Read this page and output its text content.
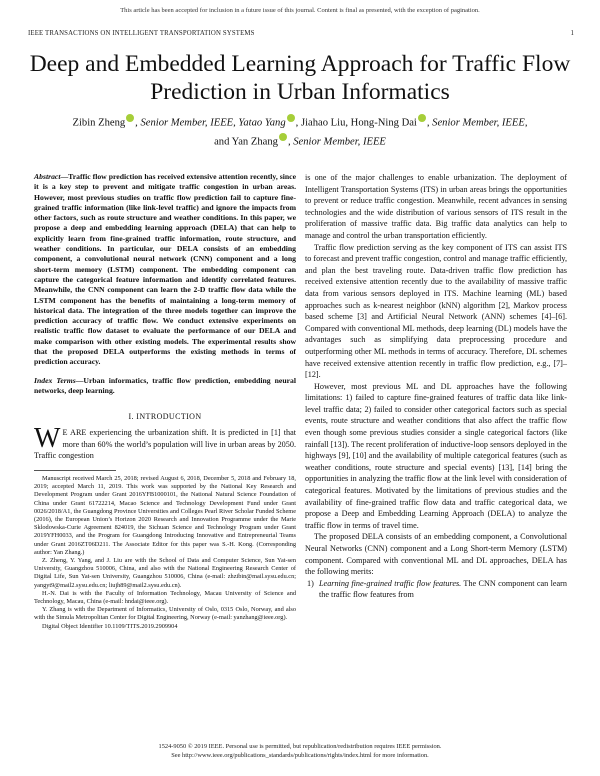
This article has been accepted for inclusion in a future issue of this journal. Content is final as presented, with the exception of pagination.
IEEE TRANSACTIONS ON INTELLIGENT TRANSPORTATION SYSTEMS	1
Deep and Embedded Learning Approach for Traffic Flow Prediction in Urban Informatics
Zibin Zheng , Senior Member, IEEE, Yatao Yang , Jiahao Liu, Hong-Ning Dai , Senior Member, IEEE,
and Yan Zhang , Senior Member, IEEE
Abstract—Traffic flow prediction has received extensive attention recently, since it is a key step to prevent and mitigate traffic congestion in urban areas. However, most previous studies on traffic flow prediction fail to capture fine-grained traffic information (like link-level traffic) and ignore the impacts from other factors, such as route structure and weather conditions. In this paper, we propose a deep and embedding learning approach (DELA) that can help to explicitly learn from fine-grained traffic information, route structure, and weather conditions. In particular, our DELA consists of an embedding component, a convolutional neural network (CNN) component and a long short-term memory (LSTM) component. The embedding component can capture the categorical feature information and identify correlated features. Meanwhile, the CNN component can learn the 2-D traffic flow data while the LSTM component has the benefits of maintaining a long-term memory of historical data. The integration of the three models together can improve the prediction accuracy of traffic flow. We conduct extensive experiments on realistic traffic flow dataset to evaluate the performance of our DELA and make comparison with other existing models. The experimental results show that the proposed DELA outperforms the existing methods in terms of prediction accuracy.
Index Terms—Urban informatics, traffic flow prediction, embedding neural networks, deep learning.
I. INTRODUCTION

W E ARE experiencing the urbanization shift. It is predicted in [1] that more than 60% the world’s population will live in urban areas by 2050. Traffic congestion

Manuscript received March 25, 2018; revised August 6, 2018, December 5, 2018 and February 18, 2019; accepted March 11, 2019. This work was supported by the National Key Research and Development Program under Grant 2016YFB1000101, the National Natural Science Foundation of China under Grant 61722214, Macao Science and Technology Development Fund under Grant 0026/2018/A1, the Guangdong Province Universities and Colleges Pearl River Scholar Funded Scheme (2016), the European Union’s Horizon 2020 Research and Innovation Programme under the Marie Sklodowska-Curie Agreement 824019, the Sichuan Science and Technology Program under Grant 2019YFH0033, and the Program for Guangdong Introducing Innovative and Entrepreneurial Teams under Grant 2016ZT06D211. The Associate Editor for this paper was S.-H. Kong. (Corresponding author: Yan Zhang.)

Z. Zheng, Y. Yang, and J. Liu are with the School of Data and Computer Science, Sun Yat-sen University, Guangzhou 510006, China, and also with the National Engineering Research Center of Digital Life, Sun Yat-sen University, Guangzhou 510006, China (e-mail: zhzibin@mail.sysu.edu.cn; yangyt9@mail2.sysu.edu.cn; liujh89@mail2.sysu.edu.cn).

H.-N. Dai is with the Faculty of Information Technology, Macau University of Science and Technology, Macau, China (e-mail: hndai@ieee.org).

Y. Zhang is with the Department of Informatics, University of Oslo, 0315 Oslo, Norway, and also with the Simula Metropolitan Center for Digital Engineering, Norway (e-mail: yanzhang@ieee.org).

Digital Object Identifier 10.1109/TITS.2019.2909904

is one of the major challenges to enable urbanization. The deployment of Intelligent Transportation Systems (ITS) in urban areas brings the opportunities to prevent or reduce traffic congestion. Meanwhile, recent advances in sensing technologies and the wide distribution of various sensors of ITS result in the proliferation of massive traffic data. Big traffic data analytics can help to manage and control the urban transportation efficiently.

Traffic flow prediction serving as the key component of ITS can assist ITS to forecast and prevent traffic congestion, control and manage traffic efficiently, and plan the best traveling route. Data-driven traffic flow prediction has received extensive attention recently due to the availability of massive traffic data from various sensors deployed in ITS. Machine learning (ML) based approaches such as k-nearest neighbor (kNN) algorithm [2], Markov process based scheme [3] and Artificial Neural Network (ANN) schemes [4]–[6]. Compared with conventional ML methods, deep learning (DL) models have the advantages such as simplifying data preprocessing procedure and outperforming other ML methods in terms of accuracy. Therefore, DL schemes have received extensive attention recently in traffic flow prediction, e.g., [7]–[12].

However, most previous ML and DL approaches have the following limitations: 1) failed to capture fine-grained features of traffic data like link-level traffic data; 2) failed to consider other categorical factors such as special events, route structure and weather conditions that also affect the traffic flow even though some previous studies consider a single categorical factors (like rainfall [13]). The recent proliferation of inductive-loop sensors deployed in the highways [9], [10] and the availability of multiple categorical features (such as weather conditions, route structure and special events) [13], [14] bring the opportunities in analyzing the traffic flow at the link level with consideration of categorical features. Motivated by the limitations of previous studies and the availability of fine-grained traffic flow data and traffic categorical data, we propose a Deep and Embedding Learning Approach (DELA) to analyze the traffic flow in terms of travel time.

The proposed DELA consists of an embedding component, a Convolutional Neural Networks (CNN) component and a Long Short-term Memory (LSTM) component. Compared with conventional ML and DL approaches, DELA has the following merits:

1) Learning fine-grained traffic flow features. The CNN component can learn the traffic flow features from

1524-9050 © 2019 IEEE. Personal use is permitted, but republication/redistribution requires IEEE permission.
See http://www.ieee.org/publications_standards/publications/rights/index.html for more information.
